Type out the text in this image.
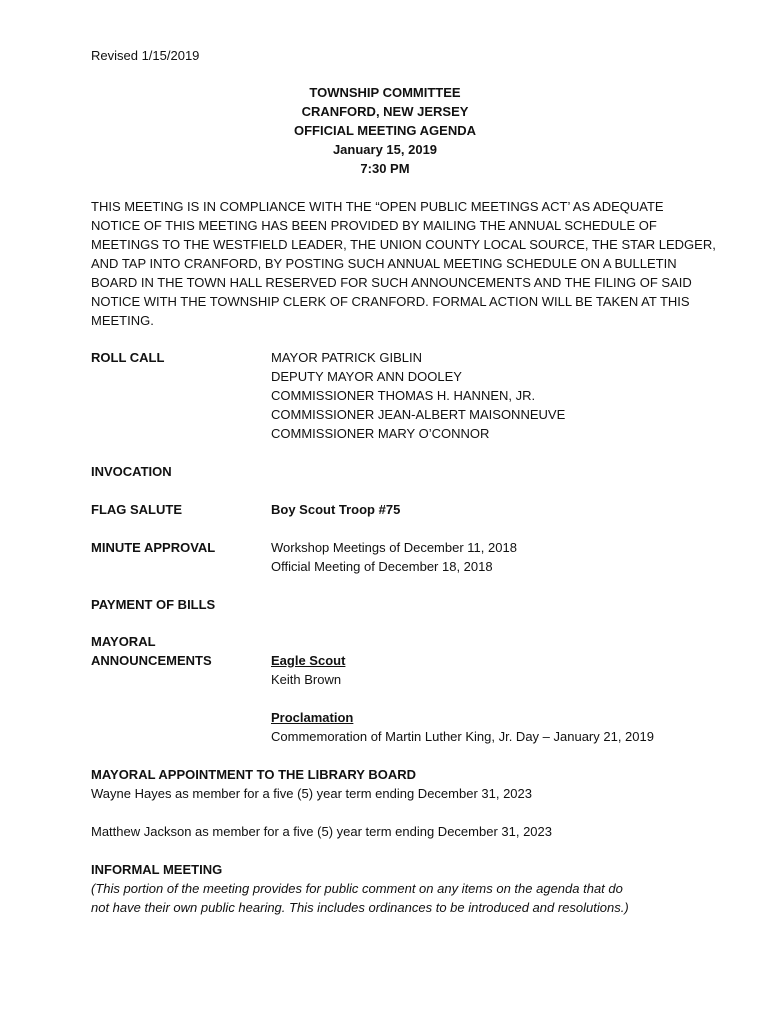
Revised 1/15/2019
TOWNSHIP COMMITTEE
CRANFORD, NEW JERSEY
OFFICIAL MEETING AGENDA
January 15, 2019
7:30 PM
THIS MEETING IS IN COMPLIANCE WITH THE “OPEN PUBLIC MEETINGS ACT’ AS ADEQUATE
NOTICE OF THIS MEETING HAS BEEN PROVIDED BY MAILING THE ANNUAL SCHEDULE OF
MEETINGS TO THE WESTFIELD LEADER, THE UNION COUNTY LOCAL SOURCE, THE STAR LEDGER,
AND TAP INTO CRANFORD, BY POSTING SUCH ANNUAL MEETING SCHEDULE ON A BULLETIN
BOARD IN THE TOWN HALL RESERVED FOR SUCH ANNOUNCEMENTS AND THE FILING OF SAID
NOTICE WITH THE TOWNSHIP CLERK OF CRANFORD. FORMAL ACTION WILL BE TAKEN AT THIS
MEETING.
ROLL CALL	MAYOR PATRICK GIBLIN
DEPUTY MAYOR ANN DOOLEY
COMMISSIONER THOMAS H. HANNEN, JR.
COMMISSIONER JEAN-ALBERT MAISONNEUVE
COMMISSIONER MARY O’CONNOR
INVOCATION
FLAG SALUTE	Boy Scout Troop #75
MINUTE APPROVAL	Workshop Meetings of December 11, 2018
Official Meeting of December 18, 2018
PAYMENT OF BILLS
MAYORAL
ANNOUNCEMENTS	Eagle Scout
Keith Brown
Proclamation
Commemoration of Martin Luther King, Jr. Day – January 21, 2019
MAYORAL APPOINTMENT TO THE LIBRARY BOARD
Wayne Hayes as member for a five (5) year term ending December 31, 2023
Matthew Jackson as member for a five (5) year term ending December 31, 2023
INFORMAL MEETING
(This portion of the meeting provides for public comment on any items on the agenda that do
not have their own public hearing. This includes ordinances to be introduced and resolutions.)
